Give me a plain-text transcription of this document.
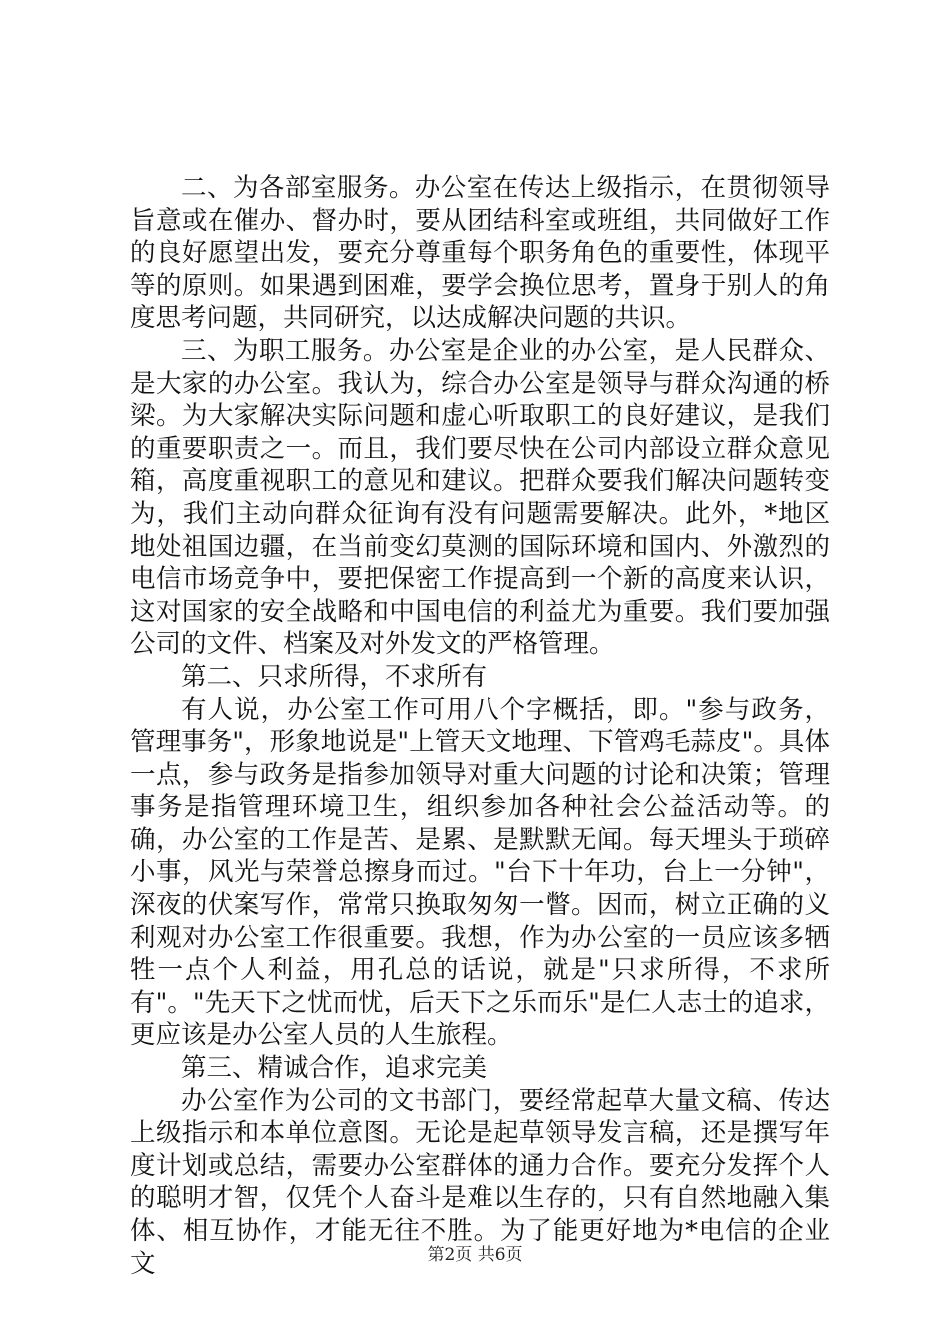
二、为各部室服务。办公室在传达上级指示，在贯彻领导旨意或在催办、督办时，要从团结科室或班组，共同做好工作的良好愿望出发，要充分尊重每个职务角色的重要性，体现平等的原则。如果遇到困难，要学会换位思考，置身于别人的角度思考问题，共同研究，以达成解决问题的共识。

三、为职工服务。办公室是企业的办公室，是人民群众、是大家的办公室。我认为，综合办公室是领导与群众沟通的桥梁。为大家解决实际问题和虚心听取职工的良好建议，是我们的重要职责之一。而且，我们要尽快在公司内部设立群众意见箱，高度重视职工的意见和建议。把群众要我们解决问题转变为，我们主动向群众征询有没有问题需要解决。此外，*地区地处祖国边疆，在当前变幻莫测的国际环境和国内、外激烈的电信市场竞争中，要把保密工作提高到一个新的高度来认识，这对国家的安全战略和中国电信的利益尤为重要。我们要加强公司的文件、档案及对外发文的严格管理。

第二、只求所得，不求所有

有人说，办公室工作可用八个字概括，即。"参与政务，管理事务"，形象地说是"上管天文地理、下管鸡毛蒜皮"。具体一点，参与政务是指参加领导对重大问题的讨论和决策；管理事务是指管理环境卫生，组织参加各种社会公益活动等。的确，办公室的工作是苦、是累、是默默无闻。每天埋头于琐碎小事，风光与荣誉总擦身而过。"台下十年功，台上一分钟"，深夜的伏案写作，常常只换取匆匆一瞥。因而，树立正确的义利观对办公室工作很重要。我想，作为办公室的一员应该多牺牲一点个人利益，用孔总的话说，就是"只求所得，不求所有"。"先天下之忧而忧，后天下之乐而乐"是仁人志士的追求，更应该是办公室人员的人生旅程。

第三、精诚合作，追求完美

办公室作为公司的文书部门，要经常起草大量文稿、传达上级指示和本单位意图。无论是起草领导发言稿，还是撰写年度计划或总结，需要办公室群体的通力合作。要充分发挥个人的聪明才智，仅凭个人奋斗是难以生存的，只有自然地融入集体、相互协作，才能无往不胜。为了能更好地为*电信的企业文	第2页 共6页
